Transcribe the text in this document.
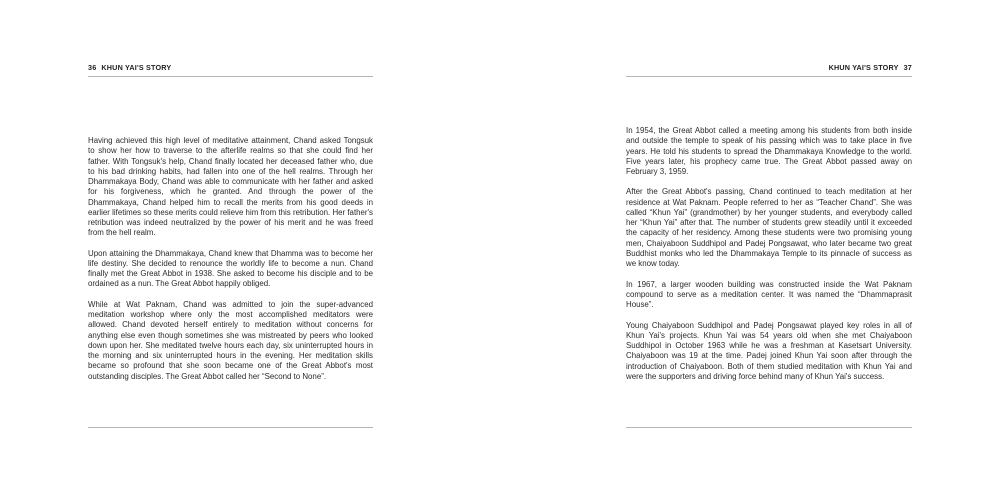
36 KHUN YAI'S STORY

Having achieved this high level of meditative attainment, Chand asked Tongsuk to show her how to traverse to the afterlife realms so that she could find her father. With Tongsuk's help, Chand finally located her deceased father who, due to his bad drinking habits, had fallen into one of the hell realms. Through her Dhammakaya Body, Chand was able to communicate with her father and asked for his forgiveness, which he granted. And through the power of the Dhammakaya, Chand helped him to recall the merits from his good deeds in earlier lifetimes so these merits could relieve him from this retribution. Her father's retribution was indeed neutralized by the power of his merit and he was freed from the hell realm.

Upon attaining the Dhammakaya, Chand knew that Dhamma was to become her life destiny. She decided to renounce the worldly life to become a nun. Chand finally met the Great Abbot in 1938. She asked to become his disciple and to be ordained as a nun. The Great Abbot happily obliged.

While at Wat Paknam, Chand was admitted to join the super-advanced meditation workshop where only the most accomplished meditators were allowed. Chand devoted herself entirely to meditation without concerns for anything else even though sometimes she was mistreated by peers who looked down upon her. She meditated twelve hours each day, six uninterrupted hours in the morning and six uninterrupted hours in the evening. Her meditation skills became so profound that she soon became one of the Great Abbot's most outstanding disciples. The Great Abbot called her “Second to None”.

KHUN YAI'S STORY 37

In 1954, the Great Abbot called a meeting among his students from both inside and outside the temple to speak of his passing which was to take place in five years. He told his students to spread the Dhammakaya Knowledge to the world. Five years later, his prophecy came true. The Great Abbot passed away on February 3, 1959.

After the Great Abbot's passing, Chand continued to teach meditation at her residence at Wat Paknam. People referred to her as “Teacher Chand”. She was called “Khun Yai” (grandmother) by her younger students, and everybody called her “Khun Yai” after that. The number of students grew steadily until it exceeded the capacity of her residency. Among these students were two promising young men, Chaiyaboon Suddhipol and Padej Pongsawat, who later became two great Buddhist monks who led the Dhammakaya Temple to its pinnacle of success as we know today.

In 1967, a larger wooden building was constructed inside the Wat Paknam compound to serve as a meditation center. It was named the “Dhammaprasit House”.

Young Chaiyaboon Suddhipol and Padej Pongsawat played key roles in all of Khun Yai's projects. Khun Yai was 54 years old when she met Chaiyaboon Suddhipol in October 1963 while he was a freshman at Kasetsart University. Chaiyaboon was 19 at the time. Padej joined Khun Yai soon after through the introduction of Chaiyaboon. Both of them studied meditation with Khun Yai and were the supporters and driving force behind many of Khun Yai's success.
